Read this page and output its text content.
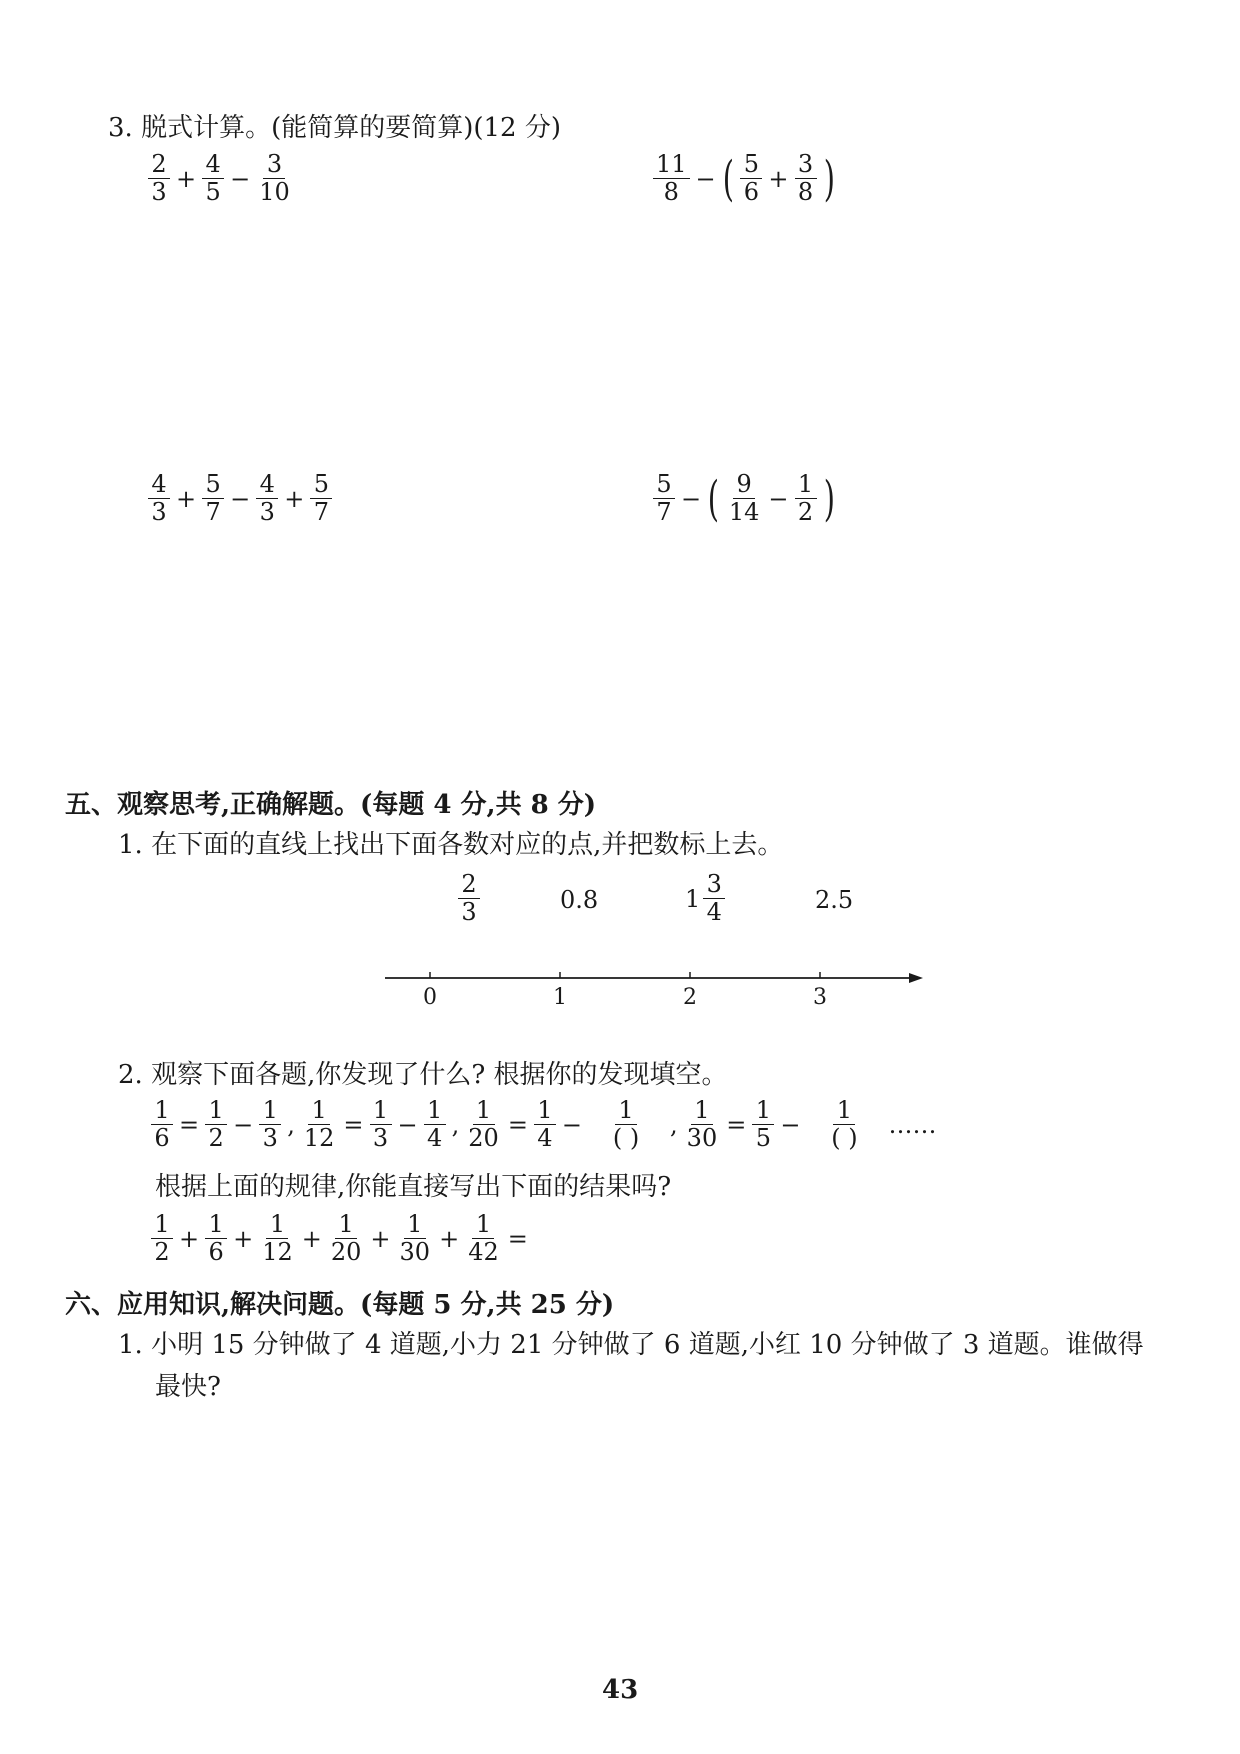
3. 脱式计算。(能简算的要简算)(12 分)
$\frac{2}{3} + \frac{4}{5} - \frac{3}{10}$	$\frac{11}{8}$ − ( $\frac{5}{6} + \frac{3}{8}$ )
$\frac{4}{3} + \frac{5}{7} - \frac{4}{3} + \frac{5}{7}$	$\frac{5}{7}$ − ( $\frac{9}{14} - \frac{1}{2}$ )
五、观察思考,正确解题。(每题 4 分,共 8 分)
1. 在下面的直线上找出下面各数对应的点,并把数标上去。
$\frac{2}{3}$	0.8	$1 \frac{3}{4}$	2.5
0	1	2	3
2. 观察下面各题,你发现了什么? 根据你的发现填空。
$\frac{1}{6} = \frac{1}{2} - \frac{1}{3}$ , $\frac{1}{12} = \frac{1}{3} - \frac{1}{4}$ , $\frac{1}{20} = \frac{1}{4} - \frac{1}{( )}$ , $\frac{1}{30} = \frac{1}{5} - \frac{1}{( )}$ ……
根据上面的规律,你能直接写出下面的结果吗?
$\frac{1}{2} + \frac{1}{6} + \frac{1}{12} + \frac{1}{20} + \frac{1}{30} + \frac{1}{42}$ =
六、应用知识,解决问题。(每题 5 分,共 25 分)
1. 小明 15 分钟做了 4 道题,小力 21 分钟做了 6 道题,小红 10 分钟做了 3 道题。谁做得
最快?
43
